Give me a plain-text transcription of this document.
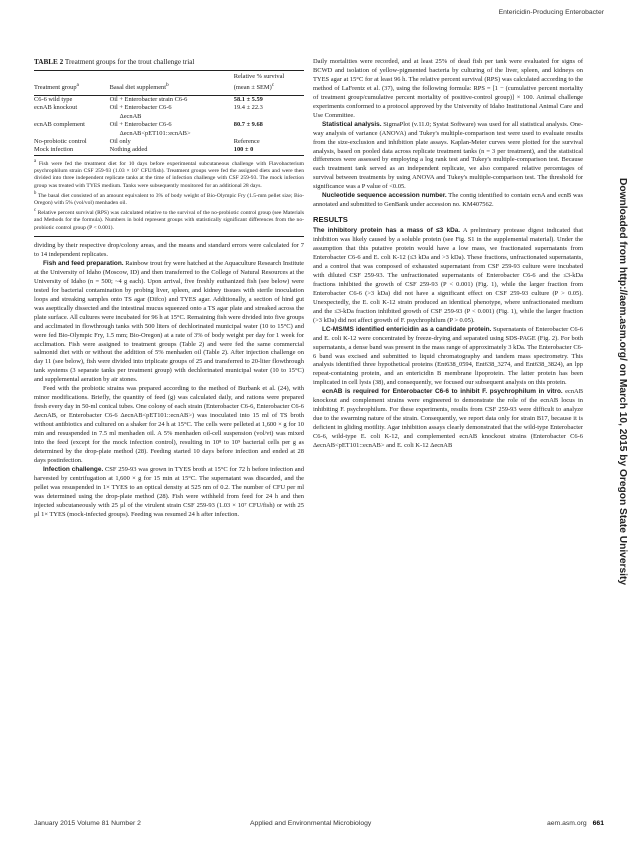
Entericidin-Producing Enterobacter
TABLE 2 Treatment groups for the trout challenge trial
Treatment group$^a$	Basal diet supplement$^b$	Relative % survival
(mean ± SEM)$^c$

C6-6 wild type	Oil + Enterobacter strain C6-6	58.1 ± 5.59
ecnAB knockout	Oil + Enterobacter C6-6
ΔecnAB	19.4 ± 22.3
ecnAB complement	Oil + Enterobacter C6-6
ΔecnAB<pET101::ecnAB>	80.7 ± 9.68
No-probiotic control	Oil only	Reference
Mock infection	Nothing added	100 ± 0

$^a$ Fish were fed the treatment diet for 10 days before experimental subcutaneous challenge with Flavobacterium psychrophilum strain CSF 259-93 (1.03 × 10⁷ CFU/fish). Treatment groups were fed the assigned diets and were then divided into three independent replicate tanks at the time of infection challenge with CSF 259-93. The mock infection group was treated with TYES medium. Tanks were subsequently monitored for an additional 28 days.

$^b$ The basal diet consisted of an amount equivalent to 3% of body weight of Bio-Olympic Fry (1.5-mm pellet size; Bio-Oregon) with 5% (vol/vol) menhaden oil.

$^c$ Relative percent survival (RPS) was calculated relative to the survival of the no-probiotic control group (see Materials and Methods for the formula). Numbers in bold represent groups with statistically significant differences from the no-probiotic control group (P < 0.001).

dividing by their respective drop/colony areas, and the means and standard errors were calculated for 7 to 14 independent replicates.

Fish and feed preparation. Rainbow trout fry were hatched at the Aquaculture Research Institute at the University of Idaho (Moscow, ID) and then transferred to the College of Natural Resources at the University of Idaho (n = 500; ~4 g each). Upon arrival, five freshly euthanized fish (see below) were tested for bacterial contamination by probing liver, spleen, and kidney tissues with sterile inoculation loops and streaking samples onto TS agar (Difco) and TYES agar. Additionally, a section of hind gut was aseptically dissected and the intestinal mucus squeezed onto a TS agar plate and streaked across the plate surface. All cultures were incubated for 96 h at 15°C. Remaining fish were divided into five groups and acclimated in flowthrough tanks with 500 liters of dechlorinated municipal water (10 to 15°C) and were fed Bio-Olympic Fry, 1.5 mm; Bio-Oregon) at a rate of 3% of body weight per day for 1 week for acclimation. Fish were assigned to treatment groups (Table 2) and were fed the same commercial salmonid diet with or without the addition of 5% menhaden oil (Table 2). After injection challenge on day 11 (see below), fish were divided into triplicate groups of 25 and transferred to 20-liter flowthrough tank systems (3 separate tanks per treatment group) with dechlorinated municipal water (10 to 15°C) and supplemental aeration by air stones.

Feed with the probiotic strains was prepared according to the method of Burbank et al. (24), with minor modifications. Briefly, the quantity of feed (g) was calculated daily, and rations were prepared fresh every day in 50-ml conical tubes. One colony of each strain (Enterobacter C6-6, Enterobacter C6-6 ΔecnAB, or Enterobacter C6-6 ΔecnAB<pET101::ecnAB>) was inoculated into 15 ml of TS broth without antibiotics and cultured on a shaker for 24 h at 15°C. The cells were pelleted at 1,600 × g for 10 min and resuspended in 7.5 ml menhaden oil. A 5% menhaden oil-cell suspension (vol/vt) was mixed into the feed (except for the mock infection control), resulting in 10⁸ to 10⁹ bacterial cells per g as determined by the drop-plate method (28). Feeding started 10 days before infection and ended at 28 days postinfection.

Infection challenge. CSF 259-93 was grown in TYES broth at 15°C for 72 h before infection and harvested by centrifugation at 1,600 × g for 15 min at 15°C. The supernatant was discarded, and the pellet was resuspended in 1× TYES to an optical density at 525 nm of 0.2. The number of CFU per ml was determined using the drop-plate method (28). Fish were withheld from feed for 24 h and then injected subcutaneously with 25 µl of the virulent strain CSF 259-93 (1.03 × 10⁷ CFU/fish) or with 25 µl 1× TYES (mock-infected groups). Feeding was resumed 24 h after infection.

Daily mortalities were recorded, and at least 25% of dead fish per tank were evaluated for signs of BCWD and isolation of yellow-pigmented bacteria by culturing of the liver, spleen, and kidneys on TYES agar at 15°C for at least 96 h. The relative percent survival (RPS) was calculated according to the method of LaFrentz et al. (37), using the following formula: RPS = [1 − (cumulative percent mortality of treatment group/cumulative percent mortality of positive-control group)] × 100. Animal challenge experiments conformed to a protocol approved by the University of Idaho Institutional Animal Care and Use Committee.

Statistical analysis. SigmaPlot (v.11.0; Systat Software) was used for all statistical analysis. One-way analysis of variance (ANOVA) and Tukey's multiple-comparison test were used to evaluate results from the size-exclusion and inhibition plate assays. Kaplan-Meier curves were plotted for the survival analysis, based on pooled data across replicate treatment tanks (n = 3 per treatment), and the statistical differences were assessed by employing a log rank test and Tukey's multiple-comparison test. Because each treatment tank served as an independent replicate, we also compared relative percentages of survival between treatments by using ANOVA and Tukey's multiple-comparison test. The threshold for significance was a P value of <0.05.

Nucleotide sequence accession number. The contig identified to contain ecnA and ecnB was annotated and submitted to GenBank under accession no. KM407562.

RESULTS

The inhibitory protein has a mass of ≤3 kDa. A preliminary protease digest indicated that inhibition was likely caused by a soluble protein (see Fig. S1 in the supplemental material). Under the assumption that this putative protein would have a low mass, we fractionated supernatants from Enterobacter C6-6 and E. coli K-12 (≤3 kDa and >3 kDa). These fractions, unfractionated supernatants, and a control that was composed of exhausted supernatant from CSF 259-93 culture were incubated with diluted CSF 259-93. The unfractionated supernatants of Enterobacter C6-6 and the ≤3-kDa fractions inhibited the growth of CSF 259-93 (P < 0.001) (Fig. 1), while the larger fraction from Enterobacter C6-6 (>3 kDa) did not have a significant effect on CSF 259-93 culture (P > 0.05). Unexpectedly, the E. coli K-12 strain produced an identical phenotype, where unfractionated medium and the ≤3-kDa fraction inhibited growth of CSF 259-93 (P < 0.001) (Fig. 1), while the larger fraction (>3 kDa) did not affect growth of F. psychrophilum (P > 0.05).

LC-MS/MS identified entericidin as a candidate protein. Supernatants of Enterobacter C6-6 and E. coli K-12 were concentrated by freeze-drying and separated using SDS-PAGE (Fig. 2). For both supernatants, a dense band was present in the mass range of approximately 3 kDa. The Enterobacter C6-6 band was excised and submitted to liquid chromatography and tandem mass spectrometry. This analysis identified three hypothetical proteins (Ent638_0594, Ent638_3274, and Ent638_3824), an lpp repeat-containing protein, and an entericidin B membrane lipoprotein. The latter protein has been implicated in cell lysis (38), and consequently, we focused our subsequent analysis on this protein.

ecnAB is required for Enterobacter C6-6 to inhibit F. psychrophilum in vitro. ecnAB knockout and complement strains were engineered to demonstrate the role of the ecnAB locus in inhibiting F. psychrophilum. For these experiments, results from CSF 259-93 were difficult to analyze due to the swarming nature of the strain. Consequently, we report data only for strain B17, because it is deficient in gliding motility. Agar inhibition assays clearly demonstrated that the wild-type Enterobacter C6-6, wild-type E. coli K-12, and complemented ecnAB knockout strains (Enterobacter C6-6 ΔecnAB<pET101::ecnAB> and E. coli K-12 ΔecnAB	Downloaded from http://aem.asm.org/ on March 10, 2015 by Oregon State University
January 2015 Volume 81 Number 2	Applied and Environmental Microbiology	aem.asm.org 661
